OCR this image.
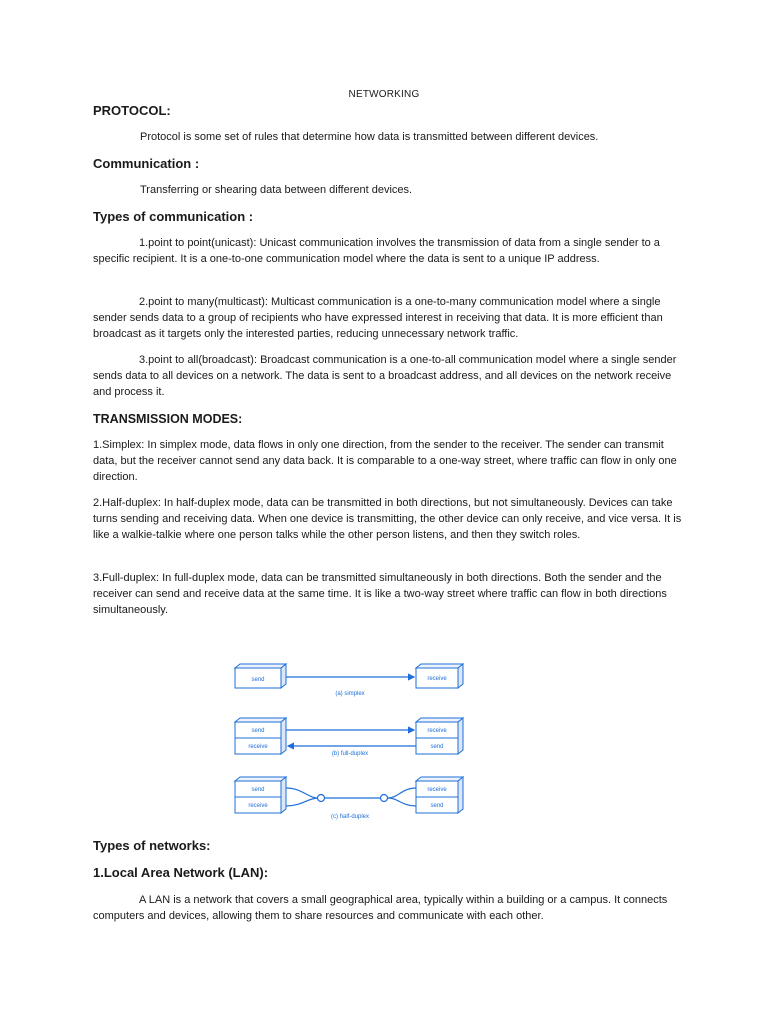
NETWORKING
PROTOCOL:

Protocol is some set of rules that determine how data is transmitted between different devices.

Communication :

Transferring or shearing data between different devices.

Types of communication :

1.point to point(unicast): Unicast communication involves the transmission of data from a single sender to a specific recipient. It is a one-to-one communication model where the data is sent to a unique IP address.

2.point to many(multicast): Multicast communication is a one-to-many communication model where a single sender sends data to a group of recipients who have expressed interest in receiving that data. It is more efficient than broadcast as it targets only the interested parties, reducing unnecessary network traffic.

3.point to all(broadcast): Broadcast communication is a one-to-all communication model where a single sender sends data to all devices on a network. The data is sent to a broadcast address, and all devices on the network receive and process it.

TRANSMISSION MODES:

1.Simplex: In simplex mode, data flows in only one direction, from the sender to the receiver. The sender can transmit data, but the receiver cannot send any data back. It is comparable to a one-way street, where traffic can flow in only one direction.

2.Half-duplex: In half-duplex mode, data can be transmitted in both directions, but not simultaneously. Devices can take turns sending and receiving data. When one device is transmitting, the other device can only receive, and vice versa. It is like a walkie-talkie where one person talks while the other person listens, and then they switch roles.

3.Full-duplex: In full-duplex mode, data can be transmitted simultaneously in both directions. Both the sender and the receiver can send and receive data at the same time. It is like a two-way street where traffic can flow in both directions simultaneously.

send	receive
(a) simplex
send
receive
receive
send
(b) full-duplex
send
receive
receive
send
(c) half-duplex
Types of networks:
1.Local Area Network (LAN):

A LAN is a network that covers a small geographical area, typically within a building or a campus. It connects computers and devices, allowing them to share resources and communicate with each other.
